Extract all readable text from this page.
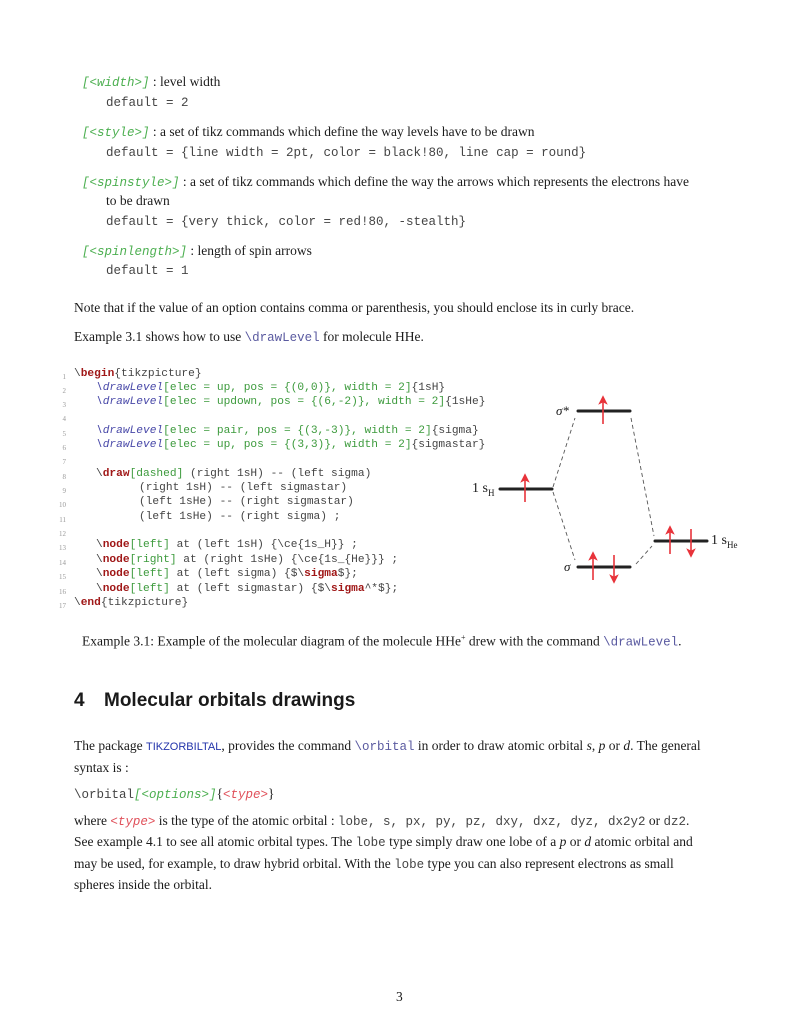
[<width>] : level width
default = 2
[<style>] : a set of tikz commands which define the way levels have to be drawn
default = {line width = 2pt, color = black!80, line cap = round}
[<spinstyle>] : a set of tikz commands which define the way the arrows which represents the electrons have
to be drawn
default = {very thick, color = red!80, -stealth}
[<spinlength>] : length of spin arrows
default = 1
Note that if the value of an option contains comma or parenthesis, you should enclose its in curly brace.
Example 3.1 shows how to use \drawLevel for molecule HHe.
1
2
3
4
5
6
7
8
9
10
11
12
13
14
15
16
17
\begin{tikzpicture}
\drawLevel[elec = up, pos = {(0,0)}, width = 2]{1sH}
\drawLevel[elec = updown, pos = {(6,-2)}, width = 2]{1sHe}
\drawLevel[elec = pair, pos = {(3,-3)}, width = 2]{sigma}
\drawLevel[elec = up, pos = {(3,3)}, width = 2]{sigmastar}
\draw[dashed] (right 1sH) -- (left sigma)
(right 1sH) -- (left sigmastar)
(left 1sHe) -- (right sigmastar)
(left 1sHe) -- (right sigma) ;
\node[left] at (left 1sH) {\ce{1s_H}} ;
\node[right] at (right 1sHe) {\ce{1s_{He}}} ;
\node[left] at (left sigma) {$\sigma$};
\node[left] at (left sigmastar) {$\sigma^*$};
\end{tikzpicture}
σ*
1 $s_H$
1 $s_{He}$
σ
Example 3.1: Example of the molecular diagram of the molecule HHe+ drew with the command \drawLevel.
4 Molecular orbitals drawings
The package TIKZORBILTAL, provides the command \orbital in order to draw atomic orbital s, p or d. The general
syntax is :
\orbital[<options>]{<type>}
where <type> is the type of the atomic orbital : lobe, s, px, py, pz, dxy, dxz, dyz, dx2y2 or dz2.
See example 4.1 to see all atomic orbital types. The lobe type simply draw one lobe of a p or d atomic orbital and
may be used, for example, to draw hybrid orbital. With the lobe type you can also represent electrons as small
spheres inside the orbital.
3
